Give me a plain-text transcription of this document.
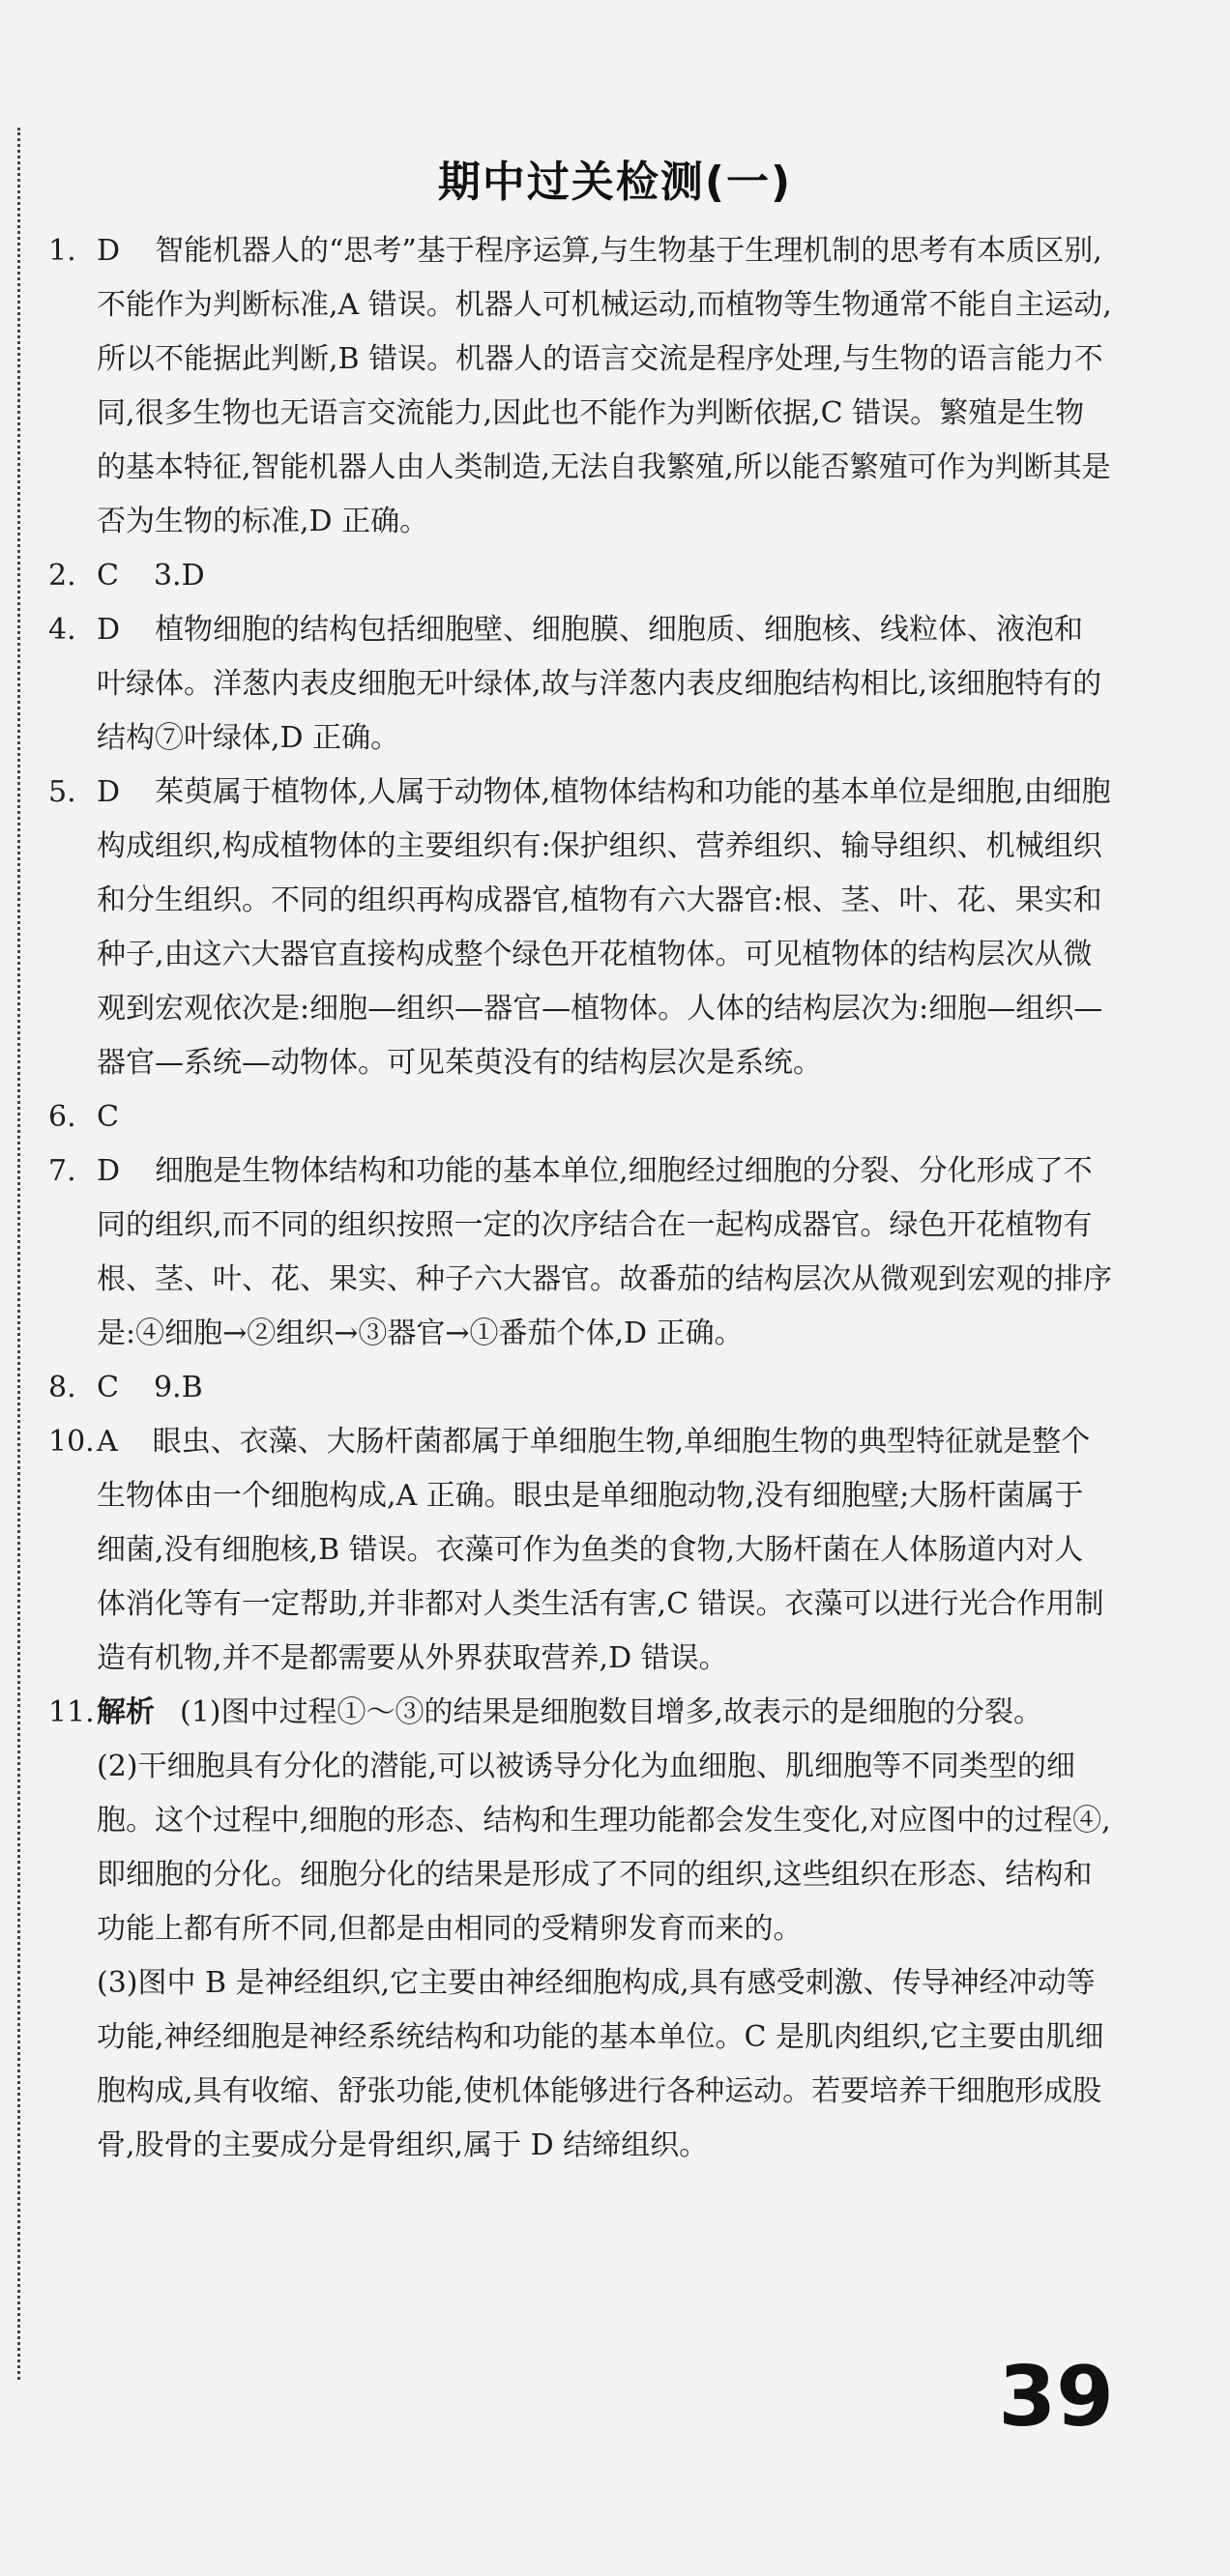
期中过关检测(一)
1. D 智能机器人的“思考”基于程序运算,与生物基于生理机制的思考有本质区别,不能作为判断标准,A 错误。机器人可机械运动,而植物等生物通常不能自主运动,所以不能据此判断,B 错误。机器人的语言交流是程序处理,与生物的语言能力不同,很多生物也无语言交流能力,因此也不能作为判断依据,C 错误。繁殖是生物的基本特征,智能机器人由人类制造,无法自我繁殖,所以能否繁殖可作为判断其是否为生物的标准,D 正确。
2. C 3.D
4. D 植物细胞的结构包括细胞壁、细胞膜、细胞质、细胞核、线粒体、液泡和叶绿体。洋葱内表皮细胞无叶绿体,故与洋葱内表皮细胞结构相比,该细胞特有的结构⑦叶绿体,D 正确。
5. D 茱萸属于植物体,人属于动物体,植物体结构和功能的基本单位是细胞,由细胞构成组织,构成植物体的主要组织有:保护组织、营养组织、输导组织、机械组织和分生组织。不同的组织再构成器官,植物有六大器官:根、茎、叶、花、果实和种子,由这六大器官直接构成整个绿色开花植物体。可见植物体的结构层次从微观到宏观依次是:细胞—组织—器官—植物体。人体的结构层次为:细胞—组织—器官—系统—动物体。可见茱萸没有的结构层次是系统。
6. C
7. D 细胞是生物体结构和功能的基本单位,细胞经过细胞的分裂、分化形成了不同的组织,而不同的组织按照一定的次序结合在一起构成器官。绿色开花植物有根、茎、叶、花、果实、种子六大器官。故番茄的结构层次从微观到宏观的排序是:④细胞→②组织→③器官→①番茄个体,D 正确。
8. C 9.B
10. A 眼虫、衣藻、大肠杆菌都属于单细胞生物,单细胞生物的典型特征就是整个生物体由一个细胞构成,A 正确。眼虫是单细胞动物,没有细胞壁;大肠杆菌属于细菌,没有细胞核,B 错误。衣藻可作为鱼类的食物,大肠杆菌在人体肠道内对人体消化等有一定帮助,并非都对人类生活有害,C 错误。衣藻可以进行光合作用制造有机物,并不是都需要从外界获取营养,D 错误。
11. 解析 (1)图中过程①～③的结果是细胞数目增多,故表示的是细胞的分裂。
(2)干细胞具有分化的潜能,可以被诱导分化为血细胞、肌细胞等不同类型的细胞。这个过程中,细胞的形态、结构和生理功能都会发生变化,对应图中的过程④,即细胞的分化。细胞分化的结果是形成了不同的组织,这些组织在形态、结构和功能上都有所不同,但都是由相同的受精卵发育而来的。
(3)图中 B 是神经组织,它主要由神经细胞构成,具有感受刺激、传导神经冲动等功能,神经细胞是神经系统结构和功能的基本单位。C 是肌肉组织,它主要由肌细胞构成,具有收缩、舒张功能,使机体能够进行各种运动。若要培养干细胞形成股骨,股骨的主要成分是骨组织,属于 D 结缔组织。
39
